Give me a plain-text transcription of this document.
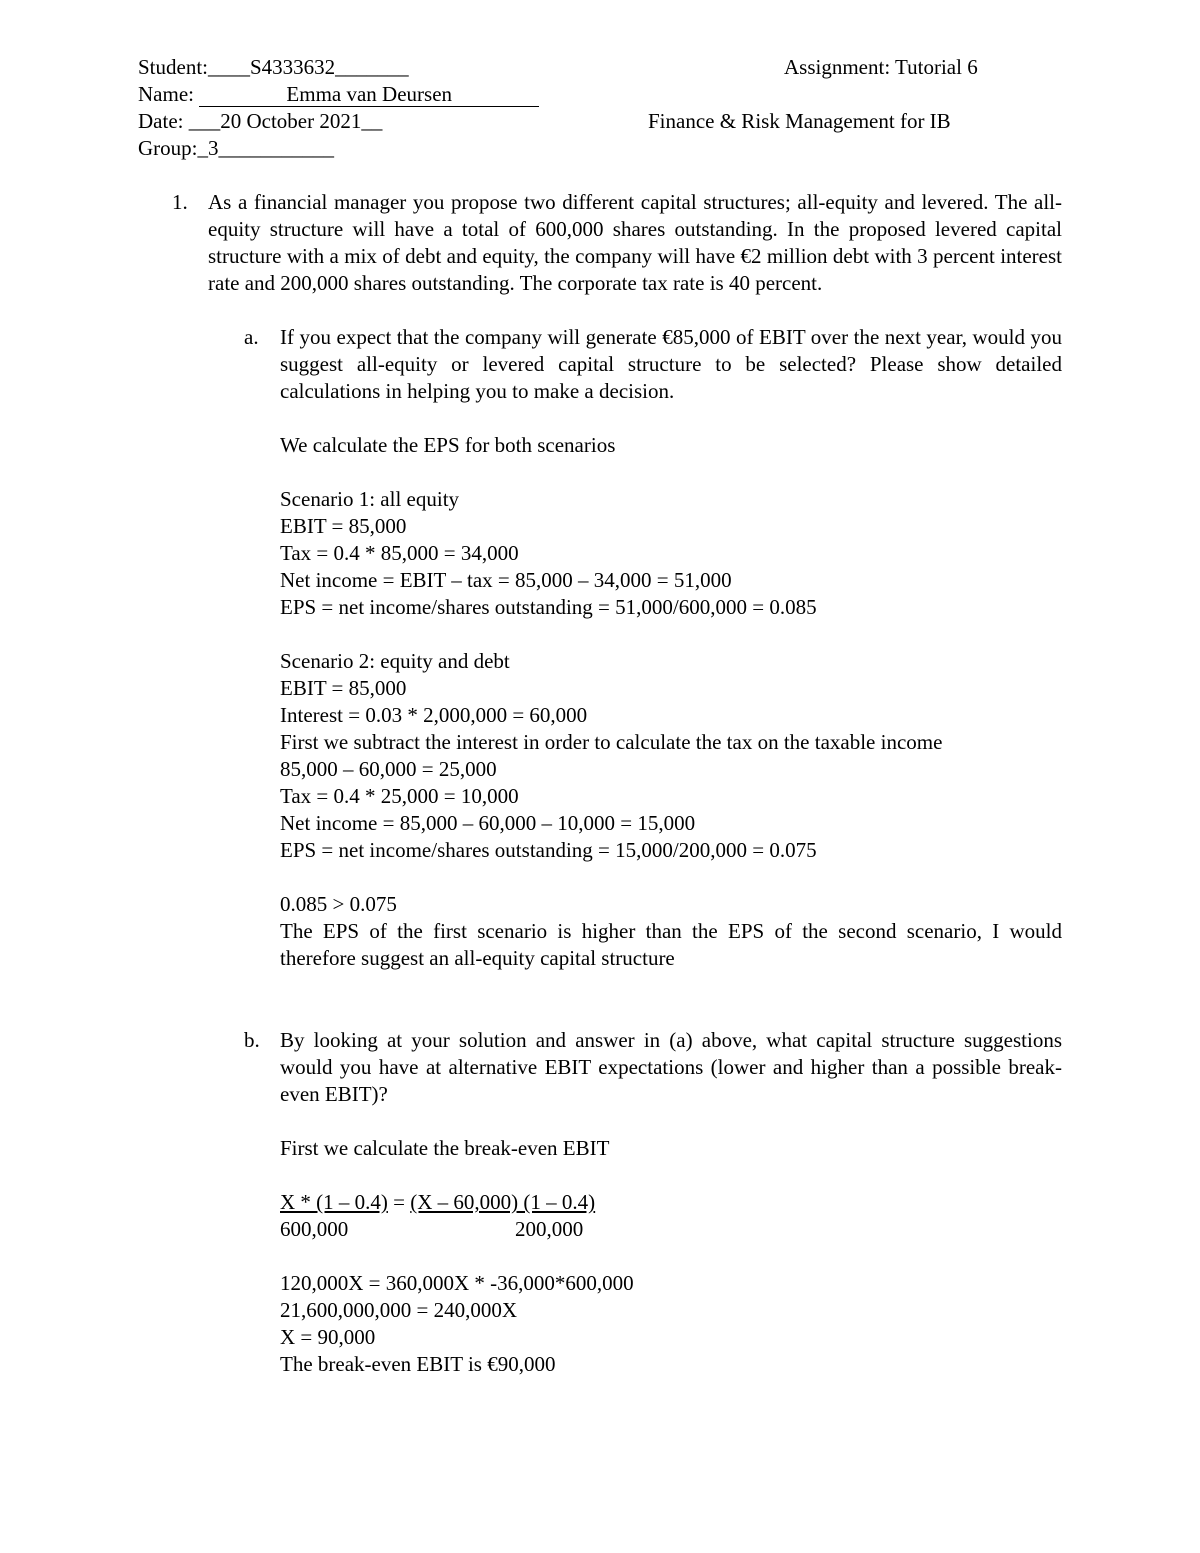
Student:____S4333632_______	Assignment: Tutorial 6
Name:	Emma van Deursen
Date: ___20 October 2021__	Finance & Risk Management for IB
Group:_3___________
1. As a financial manager you propose two different capital structures; all-equity and levered. The all-equity structure will have a total of 600,000 shares outstanding. In the proposed levered capital structure with a mix of debt and equity, the company will have €2 million debt with 3 percent interest rate and 200,000 shares outstanding. The corporate tax rate is 40 percent.
a. If you expect that the company will generate €85,000 of EBIT over the next year, would you suggest all-equity or levered capital structure to be selected? Please show detailed calculations in helping you to make a decision.
We calculate the EPS for both scenarios
Scenario 1: all equity
EBIT = 85,000
Tax = 0.4 * 85,000 = 34,000
Net income = EBIT – tax = 85,000 – 34,000 = 51,000
EPS = net income/shares outstanding = 51,000/600,000 = 0.085
Scenario 2: equity and debt
EBIT = 85,000
Interest = 0.03 * 2,000,000 = 60,000
First we subtract the interest in order to calculate the tax on the taxable income
85,000 – 60,000 = 25,000
Tax = 0.4 * 25,000 = 10,000
Net income = 85,000 – 60,000 – 10,000 = 15,000
EPS = net income/shares outstanding = 15,000/200,000 = 0.075
0.085 > 0.075
The EPS of the first scenario is higher than the EPS of the second scenario, I would therefore suggest an all-equity capital structure
b. By looking at your solution and answer in (a) above, what capital structure suggestions would you have at alternative EBIT expectations (lower and higher than a possible break-even EBIT)?
First we calculate the break-even EBIT
X * (1 – 0.4) = (X – 60,000) (1 – 0.4)
600,000	200,000
120,000X = 360,000X * -36,000*600,000
21,600,000,000 = 240,000X
X = 90,000
The break-even EBIT is €90,000
